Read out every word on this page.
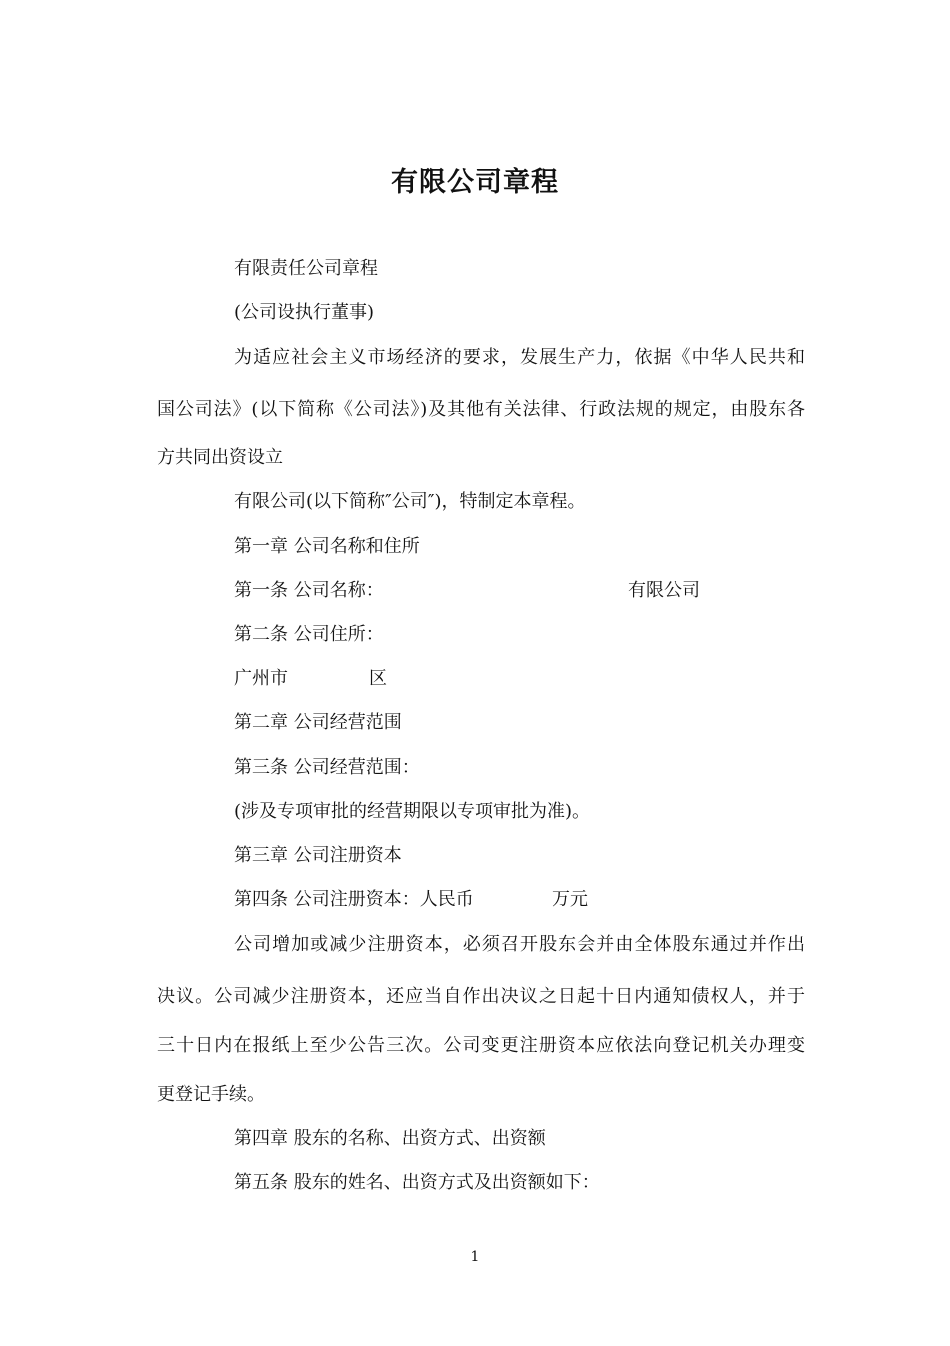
有限公司章程
有限责任公司章程
(公司设执行董事)
为适应社会主义市场经济的要求，发展生产力，依据《中华人民共和
国公司法》(以下简称《公司法》)及其他有关法律、行政法规的规定，由股东各
方共同出资设立
有限公司(以下简称″公司″)，特制定本章程。
第一章 公司名称和住所
第一条 公司名称：	有限公司
第二条 公司住所：
广州市	区
第二章 公司经营范围
第三条 公司经营范围：
(涉及专项审批的经营期限以专项审批为准)。
第三章 公司注册资本
第四条 公司注册资本：人民币	万元
公司增加或减少注册资本，必须召开股东会并由全体股东通过并作出
决议。公司减少注册资本，还应当自作出决议之日起十日内通知债权人，并于
三十日内在报纸上至少公告三次。公司变更注册资本应依法向登记机关办理变
更登记手续。
第四章 股东的名称、出资方式、出资额
第五条 股东的姓名、出资方式及出资额如下：
1
